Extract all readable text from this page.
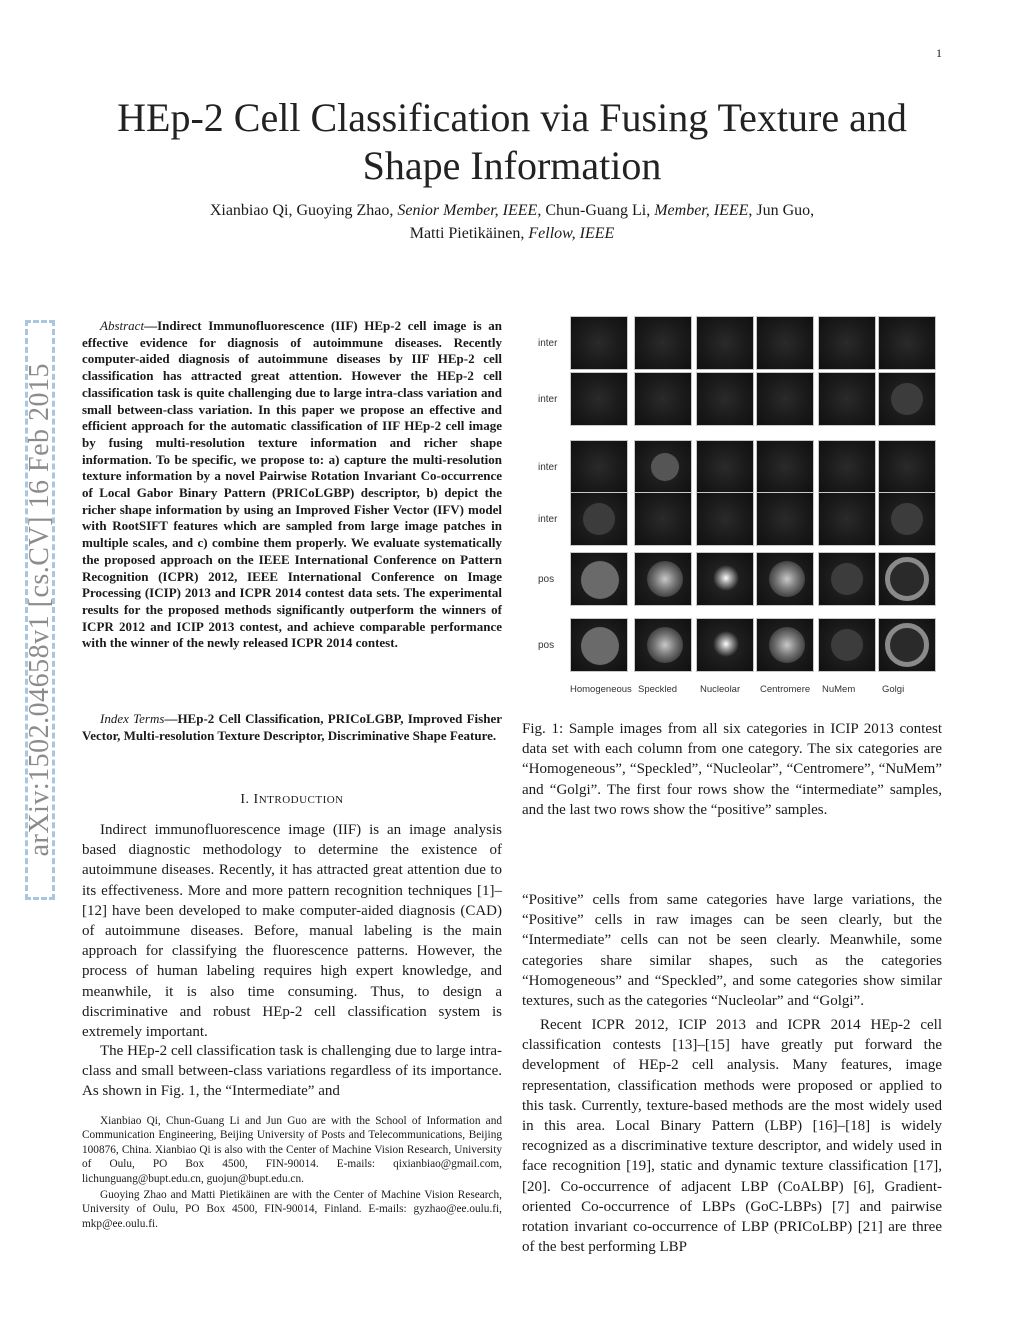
1
HEp-2 Cell Classification via Fusing Texture and Shape Information
Xianbiao Qi, Guoying Zhao, Senior Member, IEEE, Chun-Guang Li, Member, IEEE, Jun Guo,
Matti Pietikäinen, Fellow, IEEE
arXiv:1502.04658v1 [cs.CV] 16 Feb 2015
Abstract—Indirect Immunofluorescence (IIF) HEp-2 cell image is an effective evidence for diagnosis of autoimmune diseases. Recently computer-aided diagnosis of autoimmune diseases by IIF HEp-2 cell classification has attracted great attention. However the HEp-2 cell classification task is quite challenging due to large intra-class variation and small between-class variation. In this paper we propose an effective and efficient approach for the automatic classification of IIF HEp-2 cell image by fusing multi-resolution texture information and richer shape information. To be specific, we propose to: a) capture the multi-resolution texture information by a novel Pairwise Rotation Invariant Co-occurrence of Local Gabor Binary Pattern (PRICoLGBP) descriptor, b) depict the richer shape information by using an Improved Fisher Vector (IFV) model with RootSIFT features which are sampled from large image patches in multiple scales, and c) combine them properly. We evaluate systematically the proposed approach on the IEEE International Conference on Pattern Recognition (ICPR) 2012, IEEE International Conference on Image Processing (ICIP) 2013 and ICPR 2014 contest data sets. The experimental results for the proposed methods significantly outperform the winners of ICPR 2012 and ICIP 2013 contest, and achieve comparable performance with the winner of the newly released ICPR 2014 contest.
Index Terms—HEp-2 Cell Classification, PRICoLGBP, Improved Fisher Vector, Multi-resolution Texture Descriptor, Discriminative Shape Feature.
I. INTRODUCTION
Indirect immunofluorescence image (IIF) is an image analysis based diagnostic methodology to determine the existence of autoimmune diseases. Recently, it has attracted great attention due to its effectiveness. More and more pattern recognition techniques [1]–[12] have been developed to make computer-aided diagnosis (CAD) of autoimmune diseases. Before, manual labeling is the main approach for classifying the fluorescence patterns. However, the process of human labeling requires high expert knowledge, and meanwhile, it is also time consuming. Thus, to design a discriminative and robust HEp-2 cell classification system is extremely important.
The HEp-2 cell classification task is challenging due to large intra-class and small between-class variations regardless of its importance. As shown in Fig. 1, the “Intermediate” and

Xianbiao Qi, Chun-Guang Li and Jun Guo are with the School of Information and Communication Engineering, Beijing University of Posts and Telecommunications, Beijing 100876, China. Xianbiao Qi is also with the Center of Machine Vision Research, University of Oulu, PO Box 4500, FIN-90014. E-mails: qixianbiao@gmail.com, lichunguang@bupt.edu.cn, guojun@bupt.edu.cn.

Guoying Zhao and Matti Pietikäinen are with the Center of Machine Vision Research, University of Oulu, PO Box 4500, FIN-90014, Finland. E-mails: gyzhao@ee.oulu.fi, mkp@ee.oulu.fi.

inter
inter
inter
inter
pos
pos
Homogeneous Speckled Nucleolar Centromere NuMem	Golgi
Fig. 1: Sample images from all six categories in ICIP 2013 contest data set with each column from one category. The six categories are “Homogeneous”, “Speckled”, “Nucleolar”, “Centromere”, “NuMem” and “Golgi”. The first four rows show the “intermediate” samples, and the last two rows show the “positive” samples.
“Positive” cells from same categories have large variations, the “Positive” cells in raw images can be seen clearly, but the “Intermediate” cells can not be seen clearly. Meanwhile, some categories share similar shapes, such as the categories “Homogeneous” and “Speckled”, and some categories show similar textures, such as the categories “Nucleolar” and “Golgi”.
Recent ICPR 2012, ICIP 2013 and ICPR 2014 HEp-2 cell classification contests [13]–[15] have greatly put forward the development of HEp-2 cell analysis. Many features, image representation, classification methods were proposed or applied to this task. Currently, texture-based methods are the most widely used in this area. Local Binary Pattern (LBP) [16]–[18] is widely recognized as a discriminative texture descriptor, and widely used in face recognition [19], static and dynamic texture classification [17], [20]. Co-occurrence of adjacent LBP (CoALBP) [6], Gradient-oriented Co-occurrence of LBPs (GoC-LBPs) [7] and pairwise rotation invariant co-occurrence of LBP (PRICoLBP) [21] are three of the best performing LBP
